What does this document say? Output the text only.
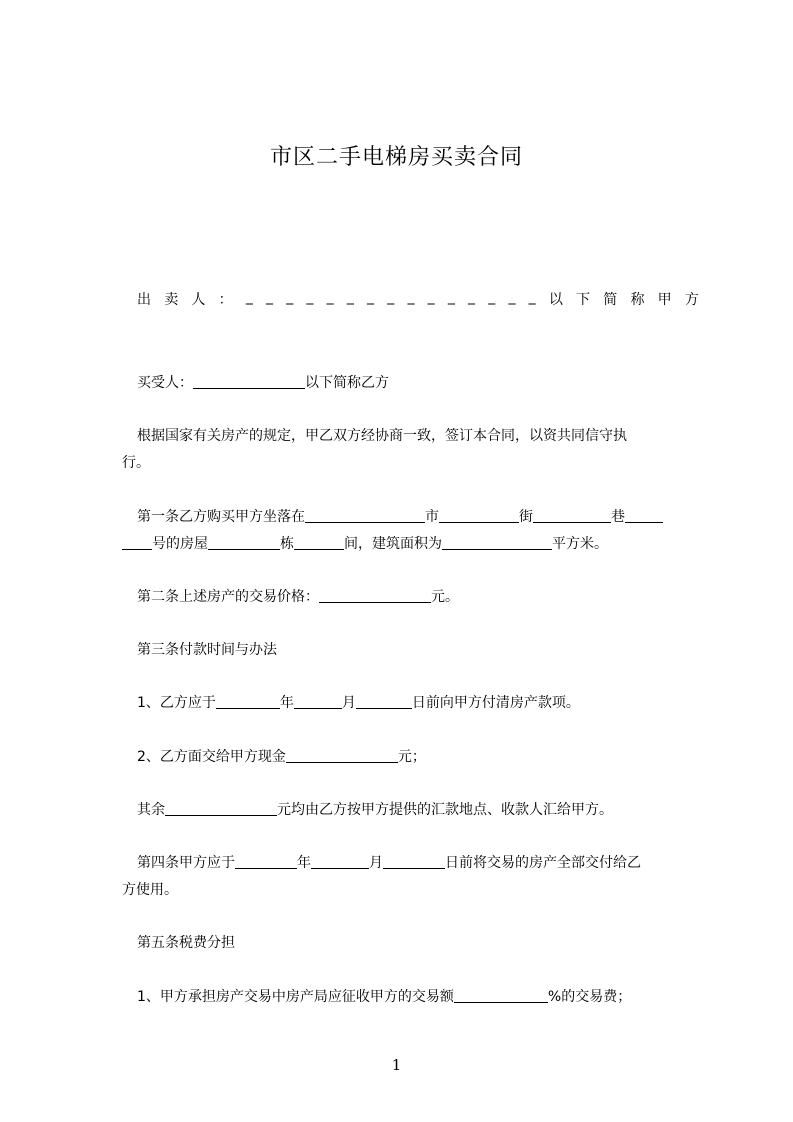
市区二手电梯房买卖合同
出 卖 人 ： _ _ _ _ _ _ _ _ _ _ _ _ _ _ _ 以 下 简 称 甲 方
买受人：	以下简称乙方
根据国家有关房产的规定，甲乙双方经协商一致，签订本合同，以资共同信守执
行。
第一条乙方购买甲方坐落在	市	街	巷
号的房屋	栋	间，建筑面积为	平方米。
第二条上述房产的交易价格：	元。
第三条付款时间与办法
1、乙方应于	年	月	日前向甲方付清房产款项。
2、乙方面交给甲方现金	元；
其余	元均由乙方按甲方提供的汇款地点、收款人汇给甲方。
第四条甲方应于	年	月	日前将交易的房产全部交付给乙
方使用。
第五条税费分担
1、甲方承担房产交易中房产局应征收甲方的交易额	%的交易费；
1
